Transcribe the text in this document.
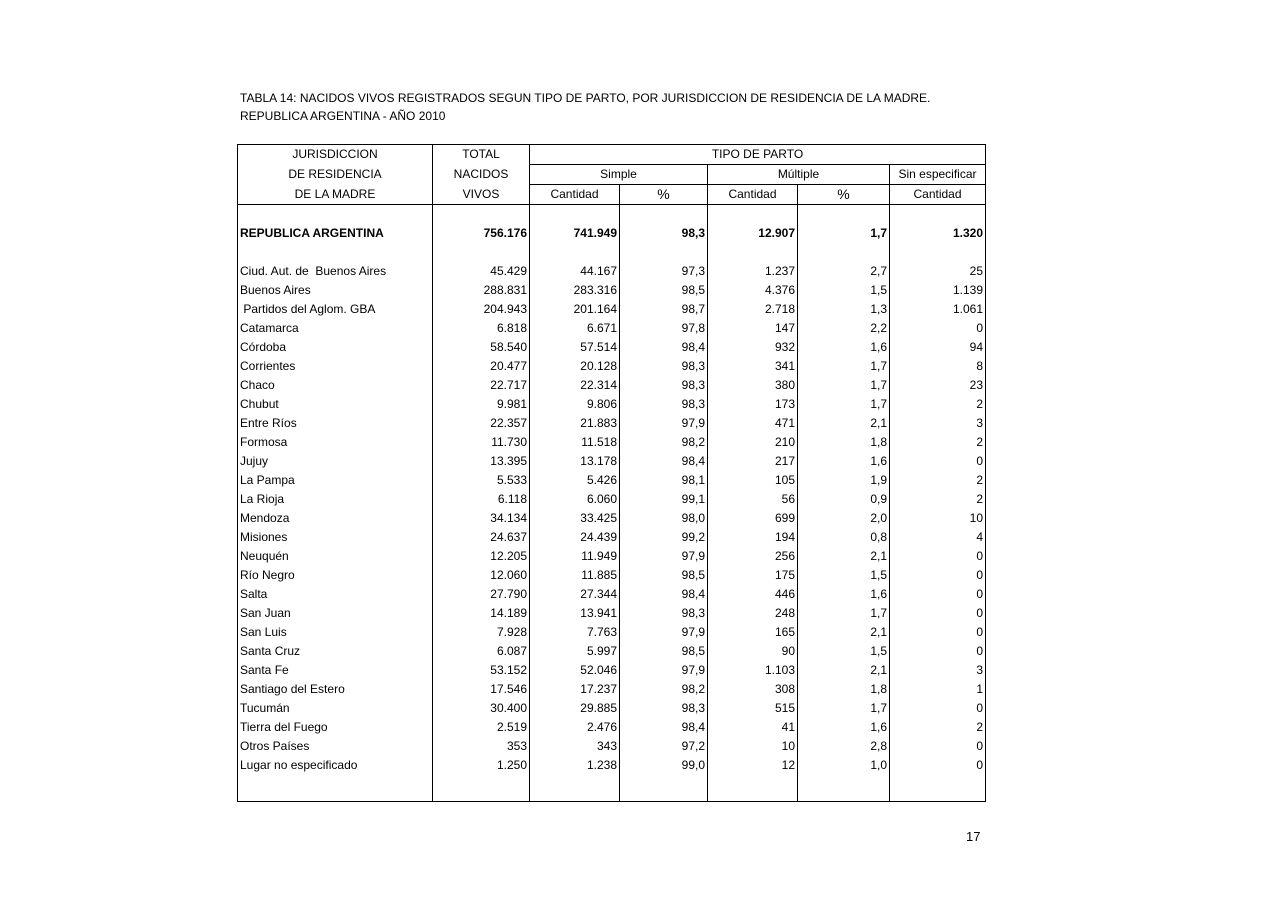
TABLA 14: NACIDOS VIVOS REGISTRADOS SEGUN TIPO DE PARTO, POR JURISDICCION DE RESIDENCIA DE LA MADRE.
REPUBLICA ARGENTINA - AÑO 2010
JURISDICCION	TOTAL	TIPO DE PARTO				
DE RESIDENCIA	NACIDOS	Simple		Múltiple		Sin especificar
DE LA MADRE	VIVOS	Cantidad	%	Cantidad	%	Cantidad

REPUBLICA ARGENTINA	756.176	741.949	98,3	12.907	1,7	1.320

Ciud. Aut. de  Buenos Aires	45.429	44.167	97,3	1.237	2,7	25
Buenos Aires	288.831	283.316	98,5	4.376	1,5	1.139
Partidos del Aglom. GBA	204.943	201.164	98,7	2.718	1,3	1.061
Catamarca	6.818	6.671	97,8	147	2,2	0
Córdoba	58.540	57.514	98,4	932	1,6	94
Corrientes	20.477	20.128	98,3	341	1,7	8
Chaco	22.717	22.314	98,3	380	1,7	23
Chubut	9.981	9.806	98,3	173	1,7	2
Entre Ríos	22.357	21.883	97,9	471	2,1	3
Formosa	11.730	11.518	98,2	210	1,8	2
Jujuy	13.395	13.178	98,4	217	1,6	0
La Pampa	5.533	5.426	98,1	105	1,9	2
La Rioja	6.118	6.060	99,1	56	0,9	2
Mendoza	34.134	33.425	98,0	699	2,0	10
Misiones	24.637	24.439	99,2	194	0,8	4
Neuquén	12.205	11.949	97,9	256	2,1	0
Río Negro	12.060	11.885	98,5	175	1,5	0
Salta	27.790	27.344	98,4	446	1,6	0
San Juan	14.189	13.941	98,3	248	1,7	0
San Luis	7.928	7.763	97,9	165	2,1	0
Santa Cruz	6.087	5.997	98,5	90	1,5	0
Santa Fe	53.152	52.046	97,9	1.103	2,1	3
Santiago del Estero	17.546	17.237	98,2	308	1,8	1
Tucumán	30.400	29.885	98,3	515	1,7	0
Tierra del Fuego	2.519	2.476	98,4	41	1,6	2
Otros Países	353	343	97,2	10	2,8	0
Lugar no especificado	1.250	1.238	99,0	12	1,0	0

17
